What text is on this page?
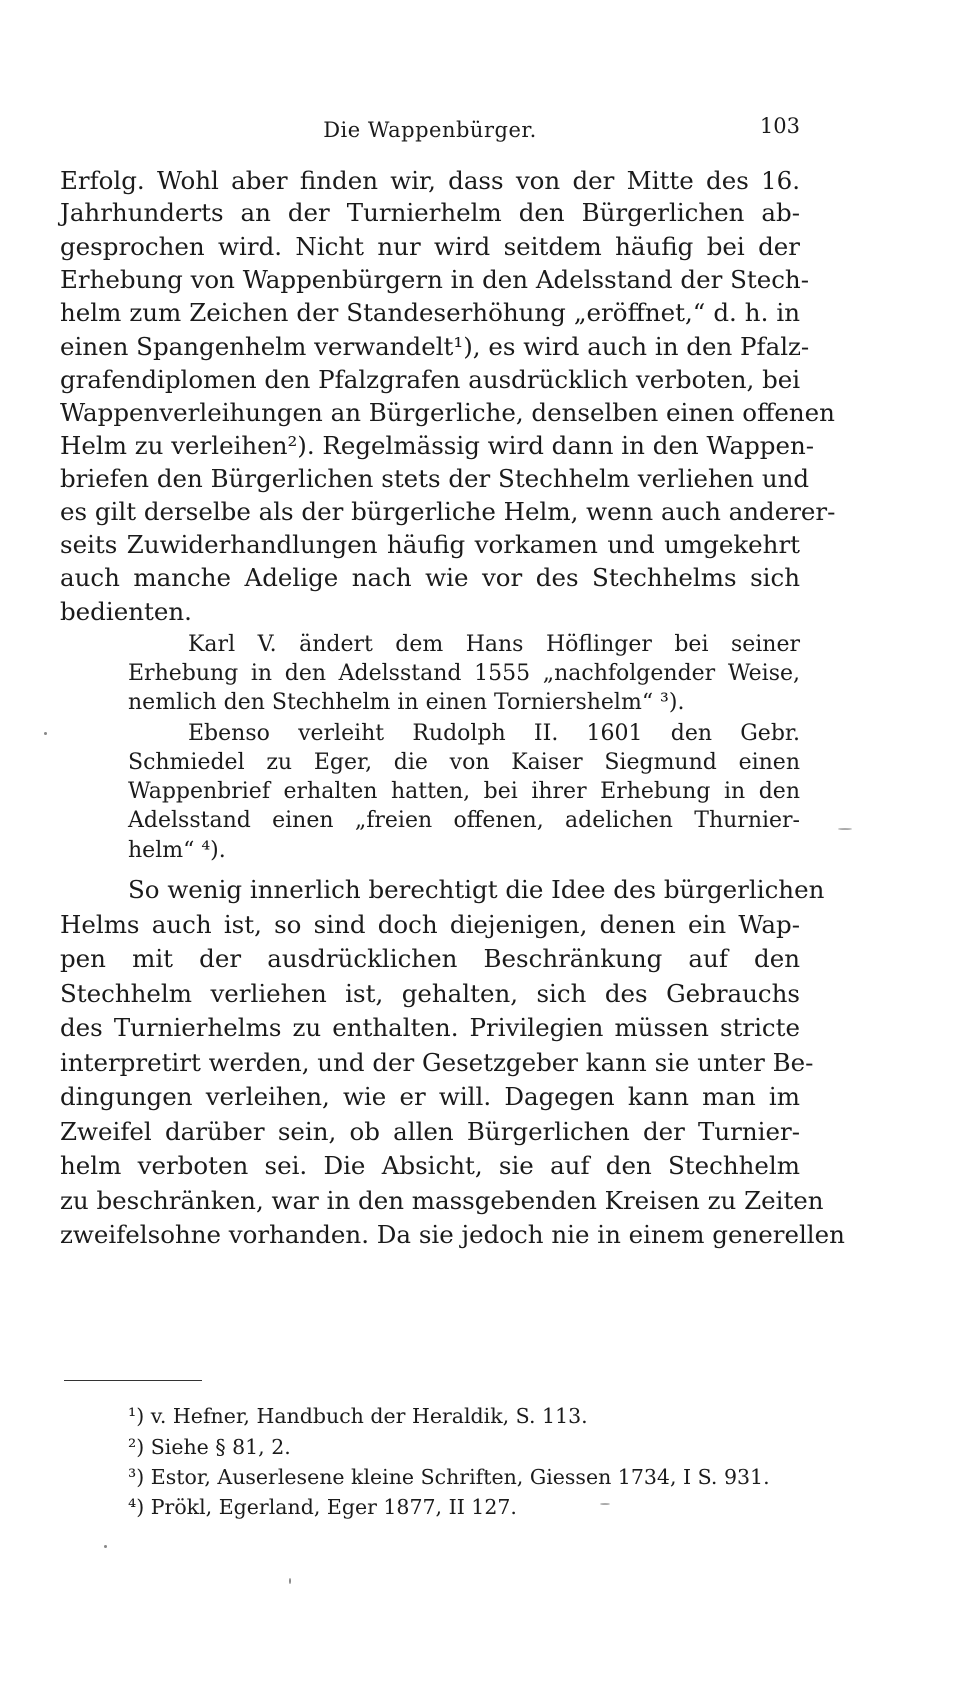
Die Wappenbürger.	103
Erfolg. Wohl aber finden wir, dass von der Mitte des 16.
Jahrhunderts an der Turnierhelm den Bürgerlichen ab-
gesprochen wird. Nicht nur wird seitdem häufig bei der
Erhebung von Wappenbürgern in den Adelsstand der Stech-
helm zum Zeichen der Standeserhöhung „eröffnet,“ d. h. in
einen Spangenhelm verwandelt¹), es wird auch in den Pfalz-
grafendiplomen den Pfalzgrafen ausdrücklich verboten, bei
Wappenverleihungen an Bürgerliche, denselben einen offenen
Helm zu verleihen²). Regelmässig wird dann in den Wappen-
briefen den Bürgerlichen stets der Stechhelm verliehen und
es gilt derselbe als der bürgerliche Helm, wenn auch anderer-
seits Zuwiderhandlungen häufig vorkamen und umgekehrt
auch manche Adelige nach wie vor des Stechhelms sich
bedienten.
Karl V. ändert dem Hans Höflinger bei seiner
Erhebung in den Adelsstand 1555 „nachfolgender Weise,
nemlich den Stechhelm in einen Torniershelm“ ³).
Ebenso verleiht Rudolph II. 1601 den Gebr.
Schmiedel zu Eger, die von Kaiser Siegmund einen
Wappenbrief erhalten hatten, bei ihrer Erhebung in den
Adelsstand einen „freien offenen, adelichen Thurnier-
helm“ ⁴).
So wenig innerlich berechtigt die Idee des bürgerlichen
Helms auch ist, so sind doch diejenigen, denen ein Wap-
pen mit der ausdrücklichen Beschränkung auf den
Stechhelm verliehen ist, gehalten, sich des Gebrauchs
des Turnierhelms zu enthalten. Privilegien müssen stricte
interpretirt werden, und der Gesetzgeber kann sie unter Be-
dingungen verleihen, wie er will. Dagegen kann man im
Zweifel darüber sein, ob allen Bürgerlichen der Turnier-
helm verboten sei. Die Absicht, sie auf den Stechhelm
zu beschränken, war in den massgebenden Kreisen zu Zeiten
zweifelsohne vorhanden. Da sie jedoch nie in einem generellen
¹) v. Hefner, Handbuch der Heraldik, S. 113.
²) Siehe § 81, 2.
³) Estor, Auserlesene kleine Schriften, Giessen 1734, I S. 931.
⁴) Prökl, Egerland, Eger 1877, II 127.
